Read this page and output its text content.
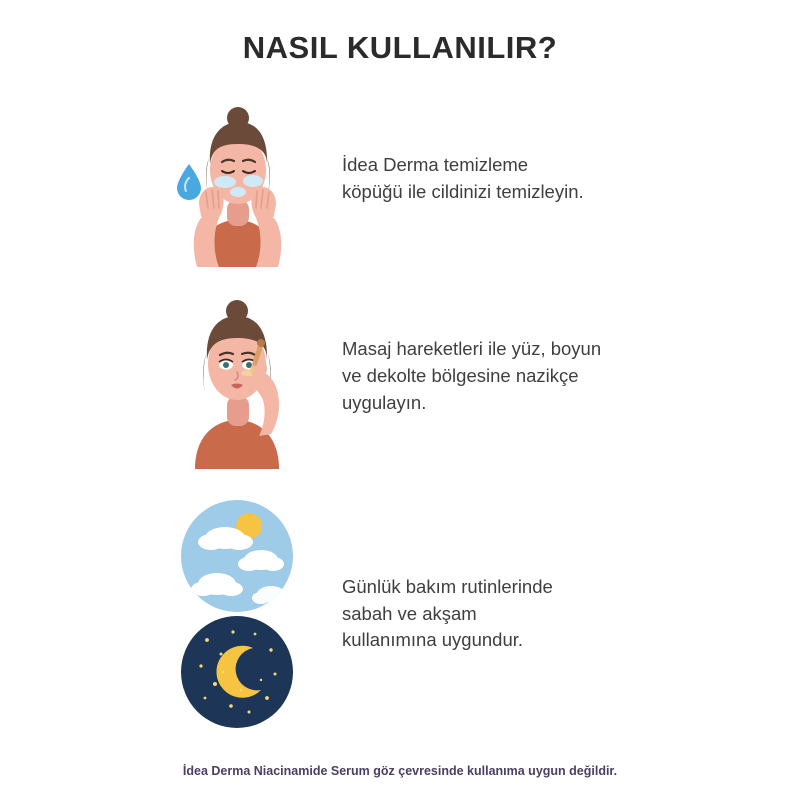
NASIL KULLANILIR?
İdea Derma temizleme
köpüğü ile cildinizi temizleyin.
Masaj hareketleri ile yüz, boyun
ve dekolte bölgesine nazikçe
uygulayın.
Günlük bakım rutinlerinde
sabah ve akşam
kullanımına uygundur.
İdea Derma Niacinamide Serum göz çevresinde kullanıma uygun değildir.
